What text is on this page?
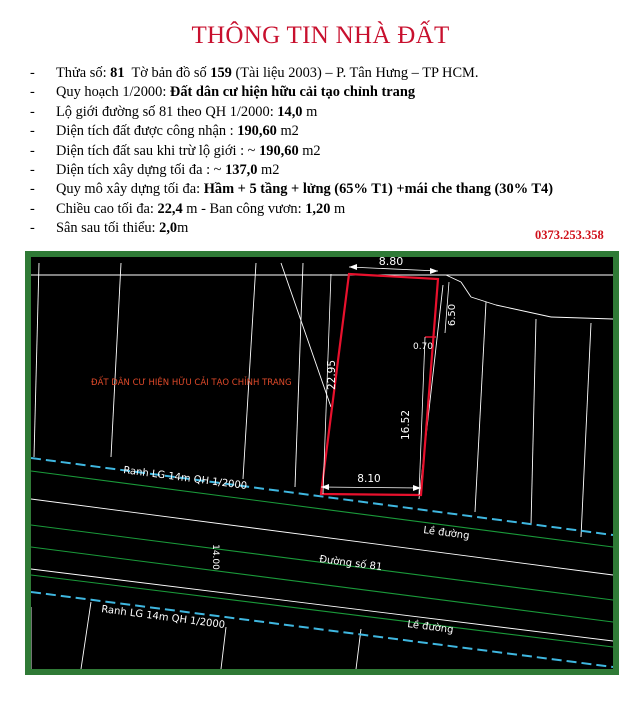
THÔNG TIN NHÀ ĐẤT
- Thửa số: 81  Tờ bản đồ số 159 (Tài liệu 2003) – P. Tân Hưng – TP HCM.
- Quy hoạch 1/2000: Đất dân cư hiện hữu cải tạo chỉnh trang
- Lộ giới đường số 81 theo QH 1/2000: 14,0 m
- Diện tích đất được công nhận : 190,60 m2
- Diện tích đất sau khi trừ lộ giới : ~ 190,60 m2
- Diện tích xây dựng tối đa : ~ 137,0 m2
- Quy mô xây dựng tối đa: Hầm + 5 tầng + lửng (65% T1) +mái che thang (30% T4)
- Chiều cao tối đa: 22,4 m - Ban công vươn: 1,20 m
- Sân sau tối thiểu: 2,0m	0373.253.358
8.80
6.50
0.70
22.95
16.52
8.10
ĐẤT DÂN CƯ HIỆN HỮU CẢI TẠO CHỈNH TRANG
Ranh LG 14m QH 1/2000
Lề đường
Đường số 81
14.00
Ranh LG 14m QH 1/2000	Lề đường
